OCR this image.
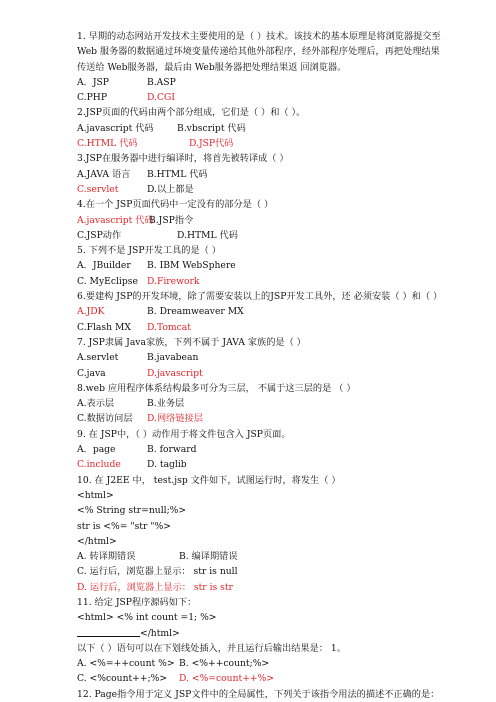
1. 早期的动态网站开发技术主要使用的是（ ）技术。该技术的基本原理是将浏览器提交至
Web 服务器的数据通过环境变量传递给其他外部程序，经外部程序处理后，再把处理结果
传送给 Web服务器，最后由 Web服务器把处理结果返 回浏览器。
A．JSP	B.ASP
C.PHP	D.CGI
2.JSP页面的代码由两个部分组成，它们是（ ）和（ ）。
A.javascript 代码	B.vbscript 代码
C.HTML 代码	D.JSP代码
3.JSP在服务器中进行编译时，将首先被转译成（ ）
A.JAVA 语言 B.HTML 代码
C.servlet	D.以上都是
4.在一个 JSP页面代码中一定没有的部分是（ ）
A.javascript 代码
B.JSP指令
C.JSP动作	D.HTML 代码
5. 下列不是 JSP开发工具的是（ ）
A．JBuilder B. IBM WebSphere
C. MyEclipse D.Firework
6.要建构 JSP的开发环境，除了需要安装以上的JSP开发工具外，还 必须安装（ ）和（ ）
A.JDK	B. Dreamweaver MX
C.Flash MX D.Tomcat
7. JSP隶属 Java家族，下列不属于 JAVA 家族的是（ ）
A.servlet	B.javabean
C.java	D.javascript
8.web 应用程序体系结构最多可分为三层， 不属于这三层的是 （ ）
A.表示层	B.业务层
C.数据访问层 D.网络链接层
9. 在 JSP中，（ ）动作用于将文件包含入 JSP页面。
A．page	B. forward
C.include	D. taglib
10. 在 J2EE 中， test.jsp 文件如下，试图运行时，将发生（ ）
<html>
<% String str=null;%>
str is <%= "str "%>
</html>
A. 转译期错误	B. 编译期错误
C. 运行后，浏览器上显示： str is null
D. 运行后，浏览器上显示： str is str
11. 给定 JSP程序源码如下：
<html> <% int count =1; %>
</html>
以下（ ）语句可以在下划线处插入，并且运行后输出结果是： 1。
A. <%=++count %> B. <%++count;%>
C. <%count++;%> D. <%=count++%>
12. Page指令用于定义 JSP文件中的全局属性，下列关于该指令用法的描述不正确的是：
